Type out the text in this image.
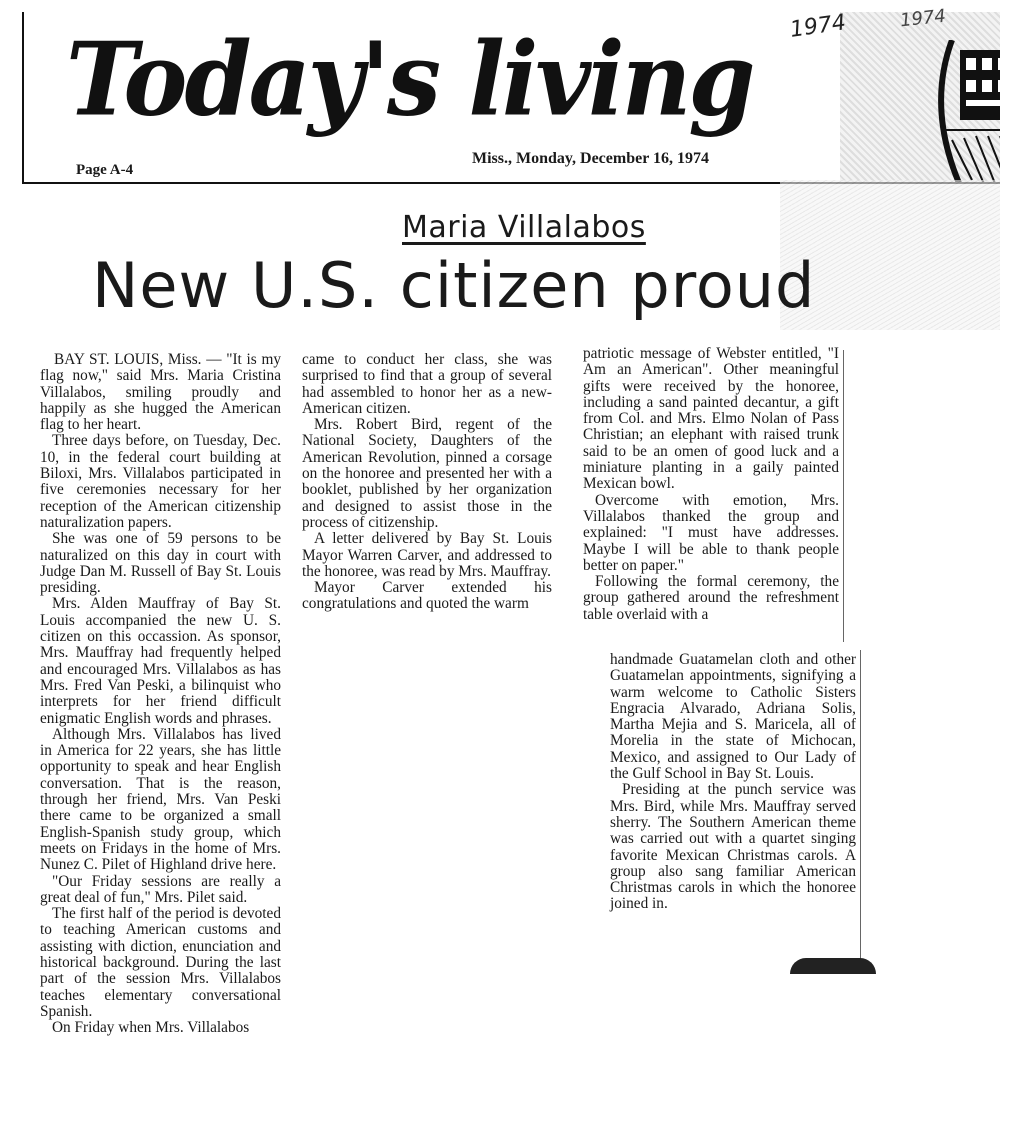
Today's living
Page A-4
Miss., Monday, December 16, 1974
1974	1974
Maria Villalabos
New U.S. citizen proud

BAY ST. LOUIS, Miss. — "It is my flag now," said Mrs. Maria Cristina Villalabos, smiling proudly and happily as she hugged the American flag to her heart.

Three days before, on Tuesday, Dec. 10, in the federal court building at Biloxi, Mrs. Villalabos participated in five ceremonies necessary for her reception of the American citizenship naturalization papers.

She was one of 59 persons to be naturalized on this day in court with Judge Dan M. Russell of Bay St. Louis presiding.

Mrs. Alden Mauffray of Bay St. Louis accompanied the new U. S. citizen on this occassion. As sponsor, Mrs. Mauffray had frequently helped and encouraged Mrs. Villalabos as has Mrs. Fred Van Peski, a bilinquist who interprets for her friend difficult enigmatic English words and phrases.

Although Mrs. Villalabos has lived in America for 22 years, she has little opportunity to speak and hear English conversation. That is the reason, through her friend, Mrs. Van Peski there came to be organized a small English-Spanish study group, which meets on Fridays in the home of Mrs. Nunez C. Pilet of Highland drive here.

"Our Friday sessions are really a great deal of fun," Mrs. Pilet said.

The first half of the period is devoted to teaching American customs and assisting with diction, enunciation and historical background. During the last part of the session Mrs. Villalabos teaches elementary conversational Spanish.

On Friday when Mrs. Villalabos

came to conduct her class, she was surprised to find that a group of several had assembled to honor her as a new-American citizen.

Mrs. Robert Bird, regent of the National Society, Daughters of the American Revolution, pinned a corsage on the honoree and presented her with a booklet, published by her organization and designed to assist those in the process of citizenship.

A letter delivered by Bay St. Louis Mayor Warren Carver, and addressed to the honoree, was read by Mrs. Mauffray.

Mayor Carver extended his congratulations and quoted the warm

patriotic message of Webster entitled, "I Am an American". Other meaningful gifts were received by the honoree, including a sand painted decantur, a gift from Col. and Mrs. Elmo Nolan of Pass Christian; an elephant with raised trunk said to be an omen of good luck and a miniature planting in a gaily painted Mexican bowl.

Overcome with emotion, Mrs. Villalabos thanked the group and explained: "I must have addresses. Maybe I will be able to thank people better on paper."

Following the formal ceremony, the group gathered around the refreshment table overlaid with a

handmade Guatamelan cloth and other Guatamelan appointments, signifying a warm welcome to Catholic Sisters Engracia Alvarado, Adriana Solis, Martha Mejia and S. Maricela, all of Morelia in the state of Michocan, Mexico, and assigned to Our Lady of the Gulf School in Bay St. Louis.

Presiding at the punch service was Mrs. Bird, while Mrs. Mauffray served sherry. The Southern American theme was carried out with a quartet singing favorite Mexican Christmas carols. A group also sang familiar American Christmas carols in which the honoree joined in.
